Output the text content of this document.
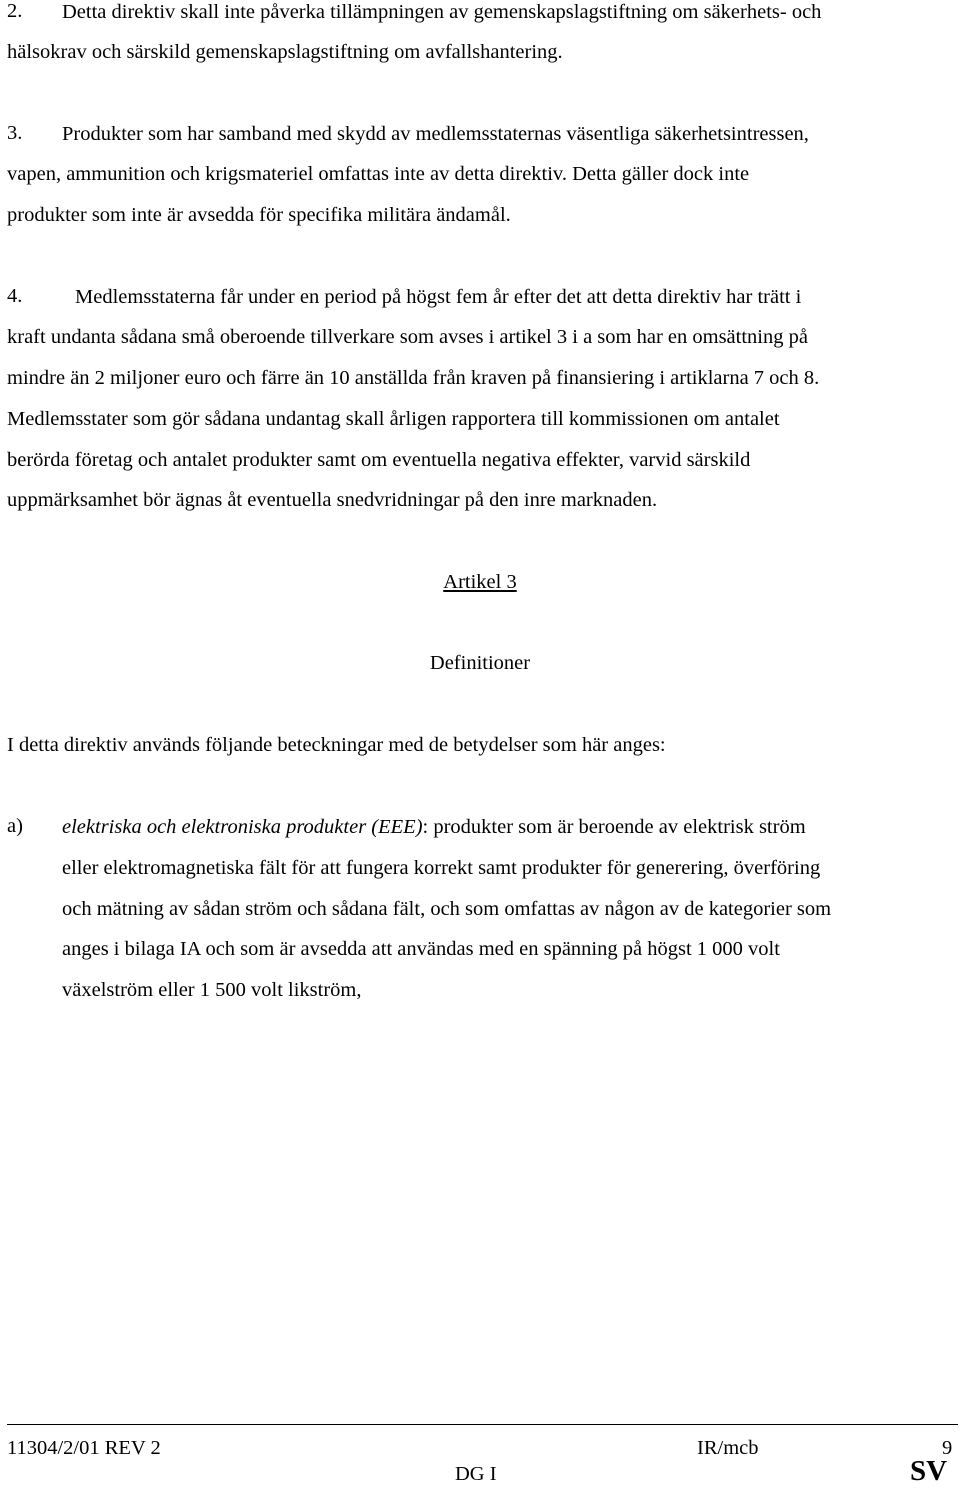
2. Detta direktiv skall inte påverka tillämpningen av gemenskapslagstiftning om säkerhets- och
hälsokrav och särskild gemenskapslagstiftning om avfallshantering.
3. Produkter som har samband med skydd av medlemsstaternas väsentliga säkerhetsintressen,
vapen, ammunition och krigsmateriel omfattas inte av detta direktiv. Detta gäller dock inte
produkter som inte är avsedda för specifika militära ändamål.
4.	Medlemsstaterna får under en period på högst fem år efter det att detta direktiv har trätt i
kraft undanta sådana små oberoende tillverkare som avses i artikel 3 i a som har en omsättning på
mindre än 2 miljoner euro och färre än 10 anställda från kraven på finansiering i artiklarna 7 och 8.
Medlemsstater som gör sådana undantag skall årligen rapportera till kommissionen om antalet
berörda företag och antalet produkter samt om eventuella negativa effekter, varvid särskild
uppmärksamhet bör ägnas åt eventuella snedvridningar på den inre marknaden.
Artikel 3
Definitioner
I detta direktiv används följande beteckningar med de betydelser som här anges:
a) elektriska och elektroniska produkter (EEE): produkter som är beroende av elektrisk ström
eller elektromagnetiska fält för att fungera korrekt samt produkter för generering, överföring
och mätning av sådan ström och sådana fält, och som omfattas av någon av de kategorier som
anges i bilaga IA och som är avsedda att användas med en spänning på högst 1 000 volt
växelström eller 1 500 volt likström,
11304/2/01 REV 2	IR/mcb	9
DG I	SV
